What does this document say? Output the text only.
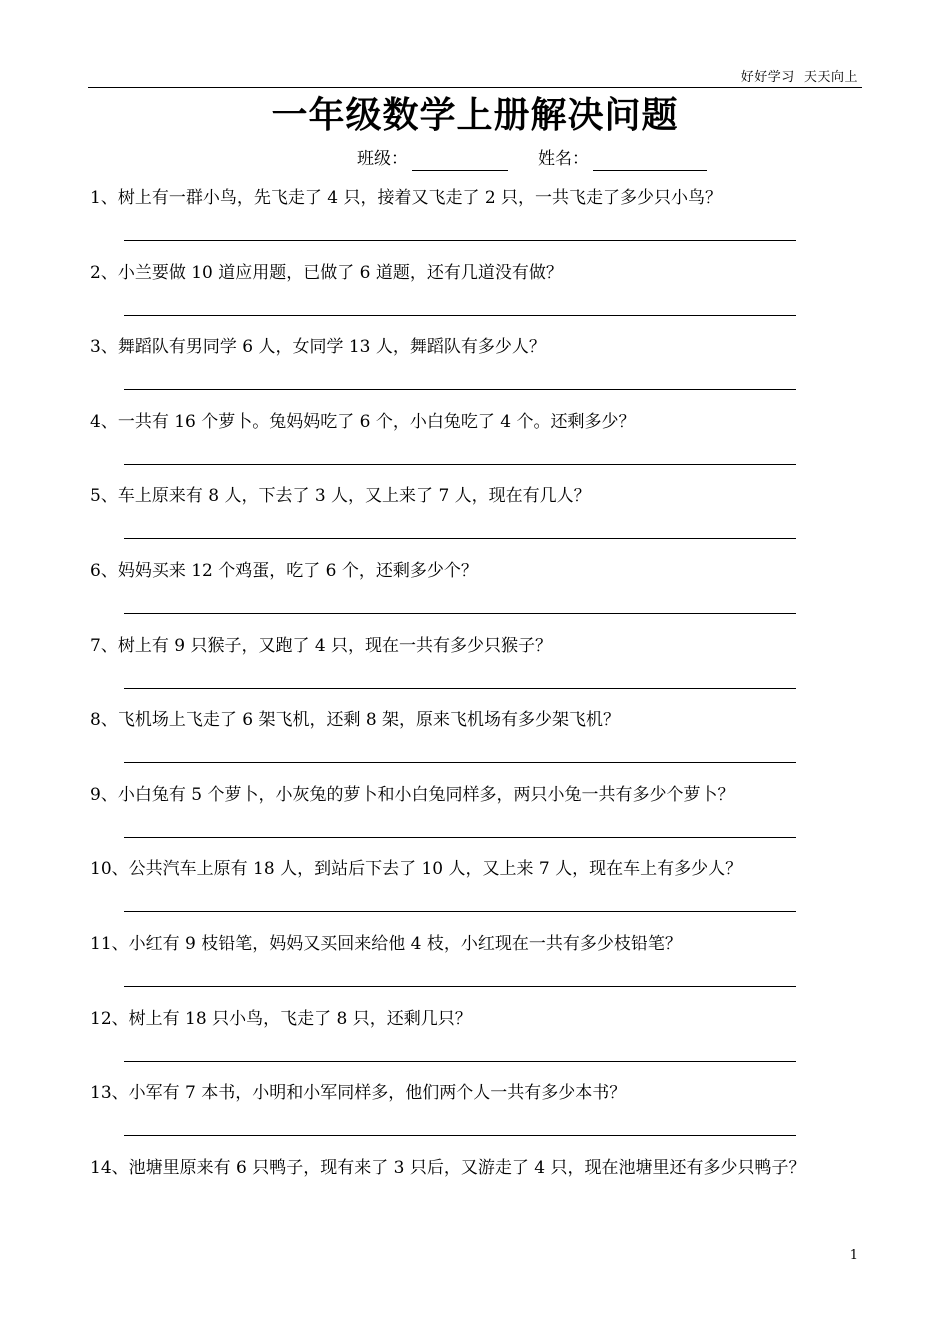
好好学习  天天向上
一年级数学上册解决问题
班级：	姓名：
1、树上有一群小鸟，先飞走了 4 只，接着又飞走了 2 只，一共飞走了多少只小鸟？
2、小兰要做 10 道应用题，已做了 6 道题，还有几道没有做？
3、舞蹈队有男同学 6 人，女同学 13 人，舞蹈队有多少人？
4、一共有 16 个萝卜。兔妈妈吃了 6 个，小白兔吃了 4 个。还剩多少？
5、车上原来有 8 人，下去了 3 人，又上来了 7 人，现在有几人？
6、妈妈买来 12 个鸡蛋，吃了 6 个，还剩多少个？
7、树上有 9 只猴子，又跑了 4 只，现在一共有多少只猴子？
8、飞机场上飞走了 6 架飞机，还剩 8 架，原来飞机场有多少架飞机？
9、小白兔有 5 个萝卜，小灰兔的萝卜和小白兔同样多，两只小兔一共有多少个萝卜？
10、公共汽车上原有 18 人，到站后下去了 10 人，又上来 7 人，现在车上有多少人？
11、小红有 9 枝铅笔，妈妈又买回来给他 4 枝，小红现在一共有多少枝铅笔？
12、树上有 18 只小鸟，飞走了 8 只，还剩几只？
13、小军有 7 本书，小明和小军同样多，他们两个人一共有多少本书？
14、池塘里原来有 6 只鸭子，现有来了 3 只后，又游走了 4 只，现在池塘里还有多少只鸭子？
1
